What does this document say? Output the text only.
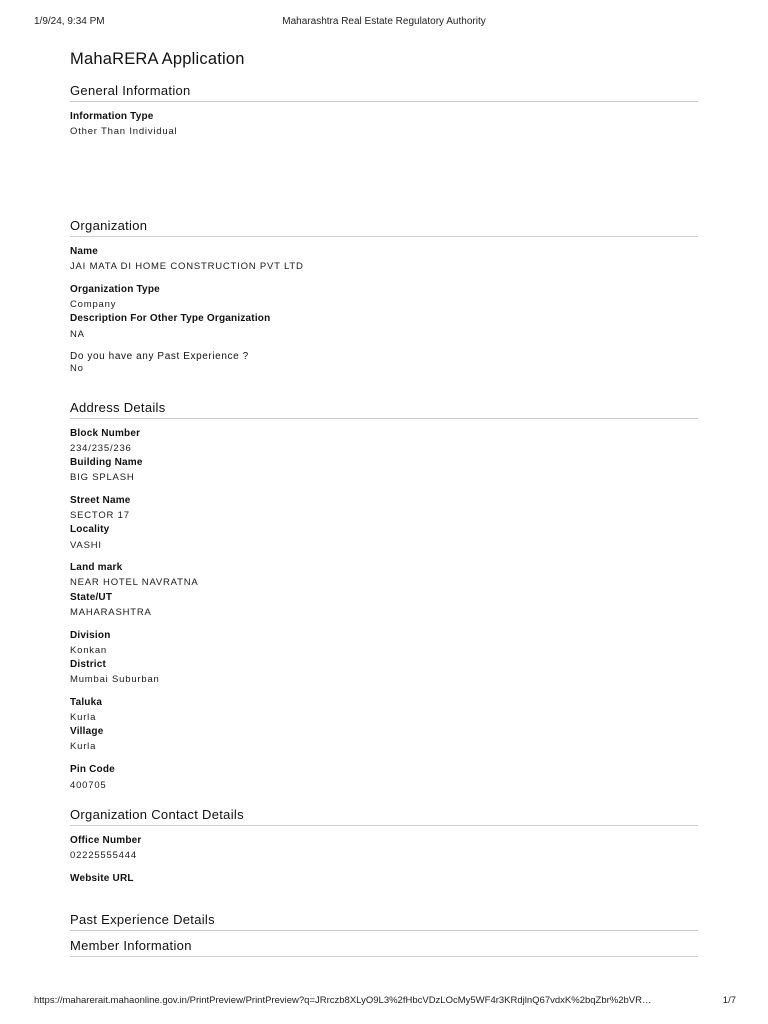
1/9/24, 9:34 PM	Maharashtra Real Estate Regulatory Authority
MahaRERA Application
General Information
Information Type
Other Than Individual
Organization
Name
JAI MATA DI HOME CONSTRUCTION PVT LTD
Organization Type
Company
Description For Other Type Organization
NA
Do you have any Past Experience ?
No
Address Details
Block Number
234/235/236
Building Name
BIG SPLASH
Street Name
SECTOR 17
Locality
VASHI
Land mark
NEAR HOTEL NAVRATNA
State/UT
MAHARASHTRA
Division
Konkan
District
Mumbai Suburban
Taluka
Kurla
Village
Kurla
Pin Code
400705
Organization Contact Details
Office Number
02225555444
Website URL
Past Experience Details
Member Information
https://maharerait.mahaonline.gov.in/PrintPreview/PrintPreview?q=JRrczb8XLyO9L3%2fHbcVDzLOcMy5WF4r3KRdjlnQ67vdxK%2bqZbr%2bVR…	1/7
